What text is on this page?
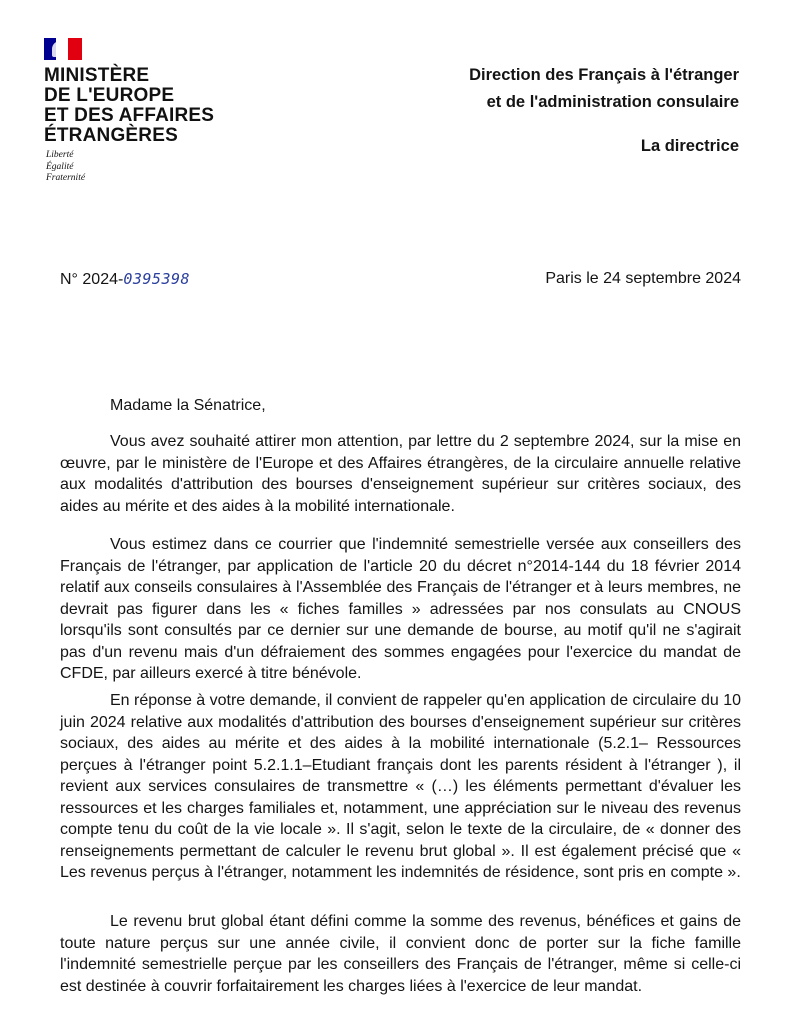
MINISTÈRE
DE L'EUROPE
ET DES AFFAIRES
ÉTRANGÈRES
Liberté
Égalité
Fraternité
Direction des Français à l'étranger
et de l'administration consulaire
La directrice
N° 2024-0395398	Paris le 24 septembre 2024
Madame la Sénatrice,

Vous avez souhaité attirer mon attention, par lettre du 2 septembre 2024, sur la mise en œuvre, par le ministère de l'Europe et des Affaires étrangères, de la circulaire annuelle relative aux modalités d'attribution des bourses d'enseignement supérieur sur critères sociaux, des aides au mérite et des aides à la mobilité internationale.

Vous estimez dans ce courrier que l'indemnité semestrielle versée aux conseillers des Français de l'étranger, par application de l'article 20 du décret n°2014-144 du 18 février 2014 relatif aux conseils consulaires à l'Assemblée des Français de l'étranger et à leurs membres, ne devrait pas figurer dans les « fiches familles » adressées par nos consulats au CNOUS lorsqu'ils sont consultés par ce dernier sur une demande de bourse, au motif qu'il ne s'agirait pas d'un revenu mais d'un défraiement des sommes engagées pour l'exercice du mandat de CFDE, par ailleurs exercé à titre bénévole.

En réponse à votre demande, il convient de rappeler qu'en application de circulaire du 10 juin 2024 relative aux modalités d'attribution des bourses d'enseignement supérieur sur critères sociaux, des aides au mérite et des aides à la mobilité internationale (5.2.1– Ressources perçues à l'étranger point 5.2.1.1–Etudiant français dont les parents résident à l'étranger ), il revient aux services consulaires de transmettre « (…) les éléments permettant d'évaluer les ressources et les charges familiales et, notamment, une appréciation sur le niveau des revenus compte tenu du coût de la vie locale ». Il s'agit, selon le texte de la circulaire, de « donner des renseignements permettant de calculer le revenu brut global ». Il est également précisé que « Les revenus perçus à l'étranger, notamment les indemnités de résidence, sont pris en compte ».

Le revenu brut global étant défini comme la somme des revenus, bénéfices et gains de toute nature perçus sur une année civile, il convient donc de porter sur la fiche famille l'indemnité semestrielle perçue par les conseillers des Français de l'étranger, même si celle-ci est destinée à couvrir forfaitairement les charges liées à l'exercice de leur mandat.
